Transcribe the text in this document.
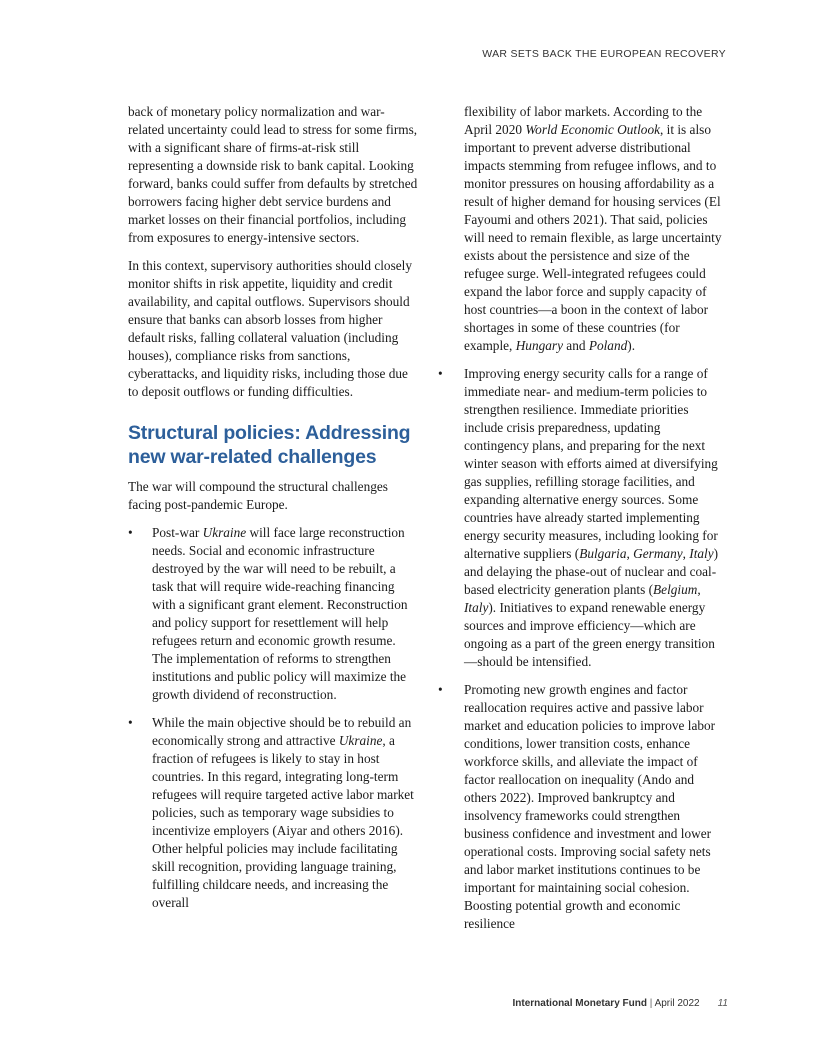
WAR SETS BACK THE EUROPEAN RECOVERY

back of monetary policy normalization and war-related uncertainty could lead to stress for some firms, with a significant share of firms-at-risk still representing a downside risk to bank capital. Looking forward, banks could suffer from defaults by stretched borrowers facing higher debt service burdens and market losses on their financial portfolios, including from exposures to energy-intensive sectors.

In this context, supervisory authorities should closely monitor shifts in risk appetite, liquidity and credit availability, and capital outflows. Supervisors should ensure that banks can absorb losses from higher default risks, falling collateral valuation (including houses), compliance risks from sanctions, cyberattacks, and liquidity risks, including those due to deposit outflows or funding difficulties.

Structural policies: Addressing new war-related challenges

The war will compound the structural challenges facing post-pandemic Europe.

• Post-war Ukraine will face large reconstruction needs. Social and economic infrastructure destroyed by the war will need to be rebuilt, a task that will require wide-reaching financing with a significant grant element. Reconstruction and policy support for resettlement will help refugees return and economic growth resume. The implementation of reforms to strengthen institutions and public policy will maximize the growth dividend of reconstruction.
• While the main objective should be to rebuild an economically strong and attractive Ukraine, a fraction of refugees is likely to stay in host countries. In this regard, integrating long-term refugees will require targeted active labor market policies, such as temporary wage subsidies to incentivize employers (Aiyar and others 2016). Other helpful policies may include facilitating skill recognition, providing language training, fulfilling childcare needs, and increasing the overall
flexibility of labor markets. According to the April 2020 World Economic Outlook, it is also important to prevent adverse distributional impacts stemming from refugee inflows, and to monitor pressures on housing affordability as a result of higher demand for housing services (El Fayoumi and others 2021). That said, policies will need to remain flexible, as large uncertainty exists about the persistence and size of the refugee surge. Well-integrated refugees could expand the labor force and supply capacity of host countries—a boon in the context of labor shortages in some of these countries (for example, Hungary and Poland).
• Improving energy security calls for a range of immediate near- and medium-term policies to strengthen resilience. Immediate priorities include crisis preparedness, updating contingency plans, and preparing for the next winter season with efforts aimed at diversifying gas supplies, refilling storage facilities, and expanding alternative energy sources. Some countries have already started implementing energy security measures, including looking for alternative suppliers (Bulgaria, Germany, Italy) and delaying the phase-out of nuclear and coal-based electricity generation plants (Belgium, Italy). Initiatives to expand renewable energy sources and improve efficiency—which are ongoing as a part of the green energy transition—should be intensified.
• Promoting new growth engines and factor reallocation requires active and passive labor market and education policies to improve labor conditions, lower transition costs, enhance workforce skills, and alleviate the impact of factor reallocation on inequality (Ando and others 2022). Improved bankruptcy and insolvency frameworks could strengthen business confidence and investment and lower operational costs. Improving social safety nets and labor market institutions continues to be important for maintaining social cohesion. Boosting potential growth and economic resilience
International Monetary Fund | April 2022 11
